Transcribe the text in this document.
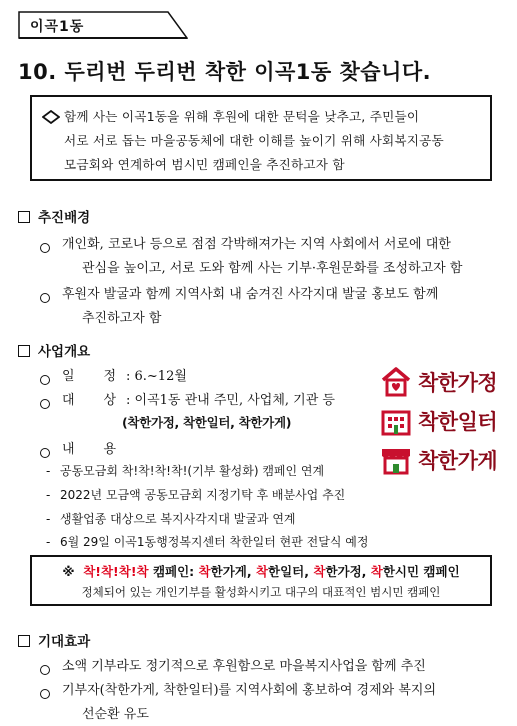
이곡1동
10. 두리번 두리번 착한 이곡1동 찾습니다.
함께 사는 이곡1동을 위해 후원에 대한 문턱을 낮추고, 주민들이
서로 서로 돕는 마을공동체에 대한 이해를 높이기 위해 사회복지공동
모금회와 연계하여 범시민 캠페인을 추진하고자 함
추진배경
개인화, 코로나 등으로 점점 각박해져가는 지역 사회에서 서로에 대한
관심을 높이고, 서로 도와 함께 사는 기부·후원문화를 조성하고자 함
후원자 발굴과 함께 지역사회 내 숨겨진 사각지대 발굴 홍보도 함께
추진하고자 함
사업개요
일       정 : 6.~12월
대       상 : 이곡1동 관내 주민, 사업체, 기관 등
(착한가정, 착한일터, 착한가게)
내       용
- 공동모금회 착!착!착!착!(기부 활성화) 캠페인 연계
- 2022년 모금액 공동모금회 지정기탁 후 배분사업 추진
- 생활업종 대상으로 복지사각지대 발굴과 연계
- 6월 29일 이곡1동행정복지센터 착한일터 현판 전달식 예정
착한가정
착한일터
착한가게
※ 착!착!착!착 캠페인: 착한가게, 착한일터, 착한가정, 착한시민 캠페인
정체되어 있는 개인기부를 활성화시키고 대구의 대표적인 범시민 캠페인
기대효과
소액 기부라도 정기적으로 후원함으로 마을복지사업을 함께 추진
기부자(착한가게, 착한일터)를 지역사회에 홍보하여 경제와 복지의
선순환 유도
